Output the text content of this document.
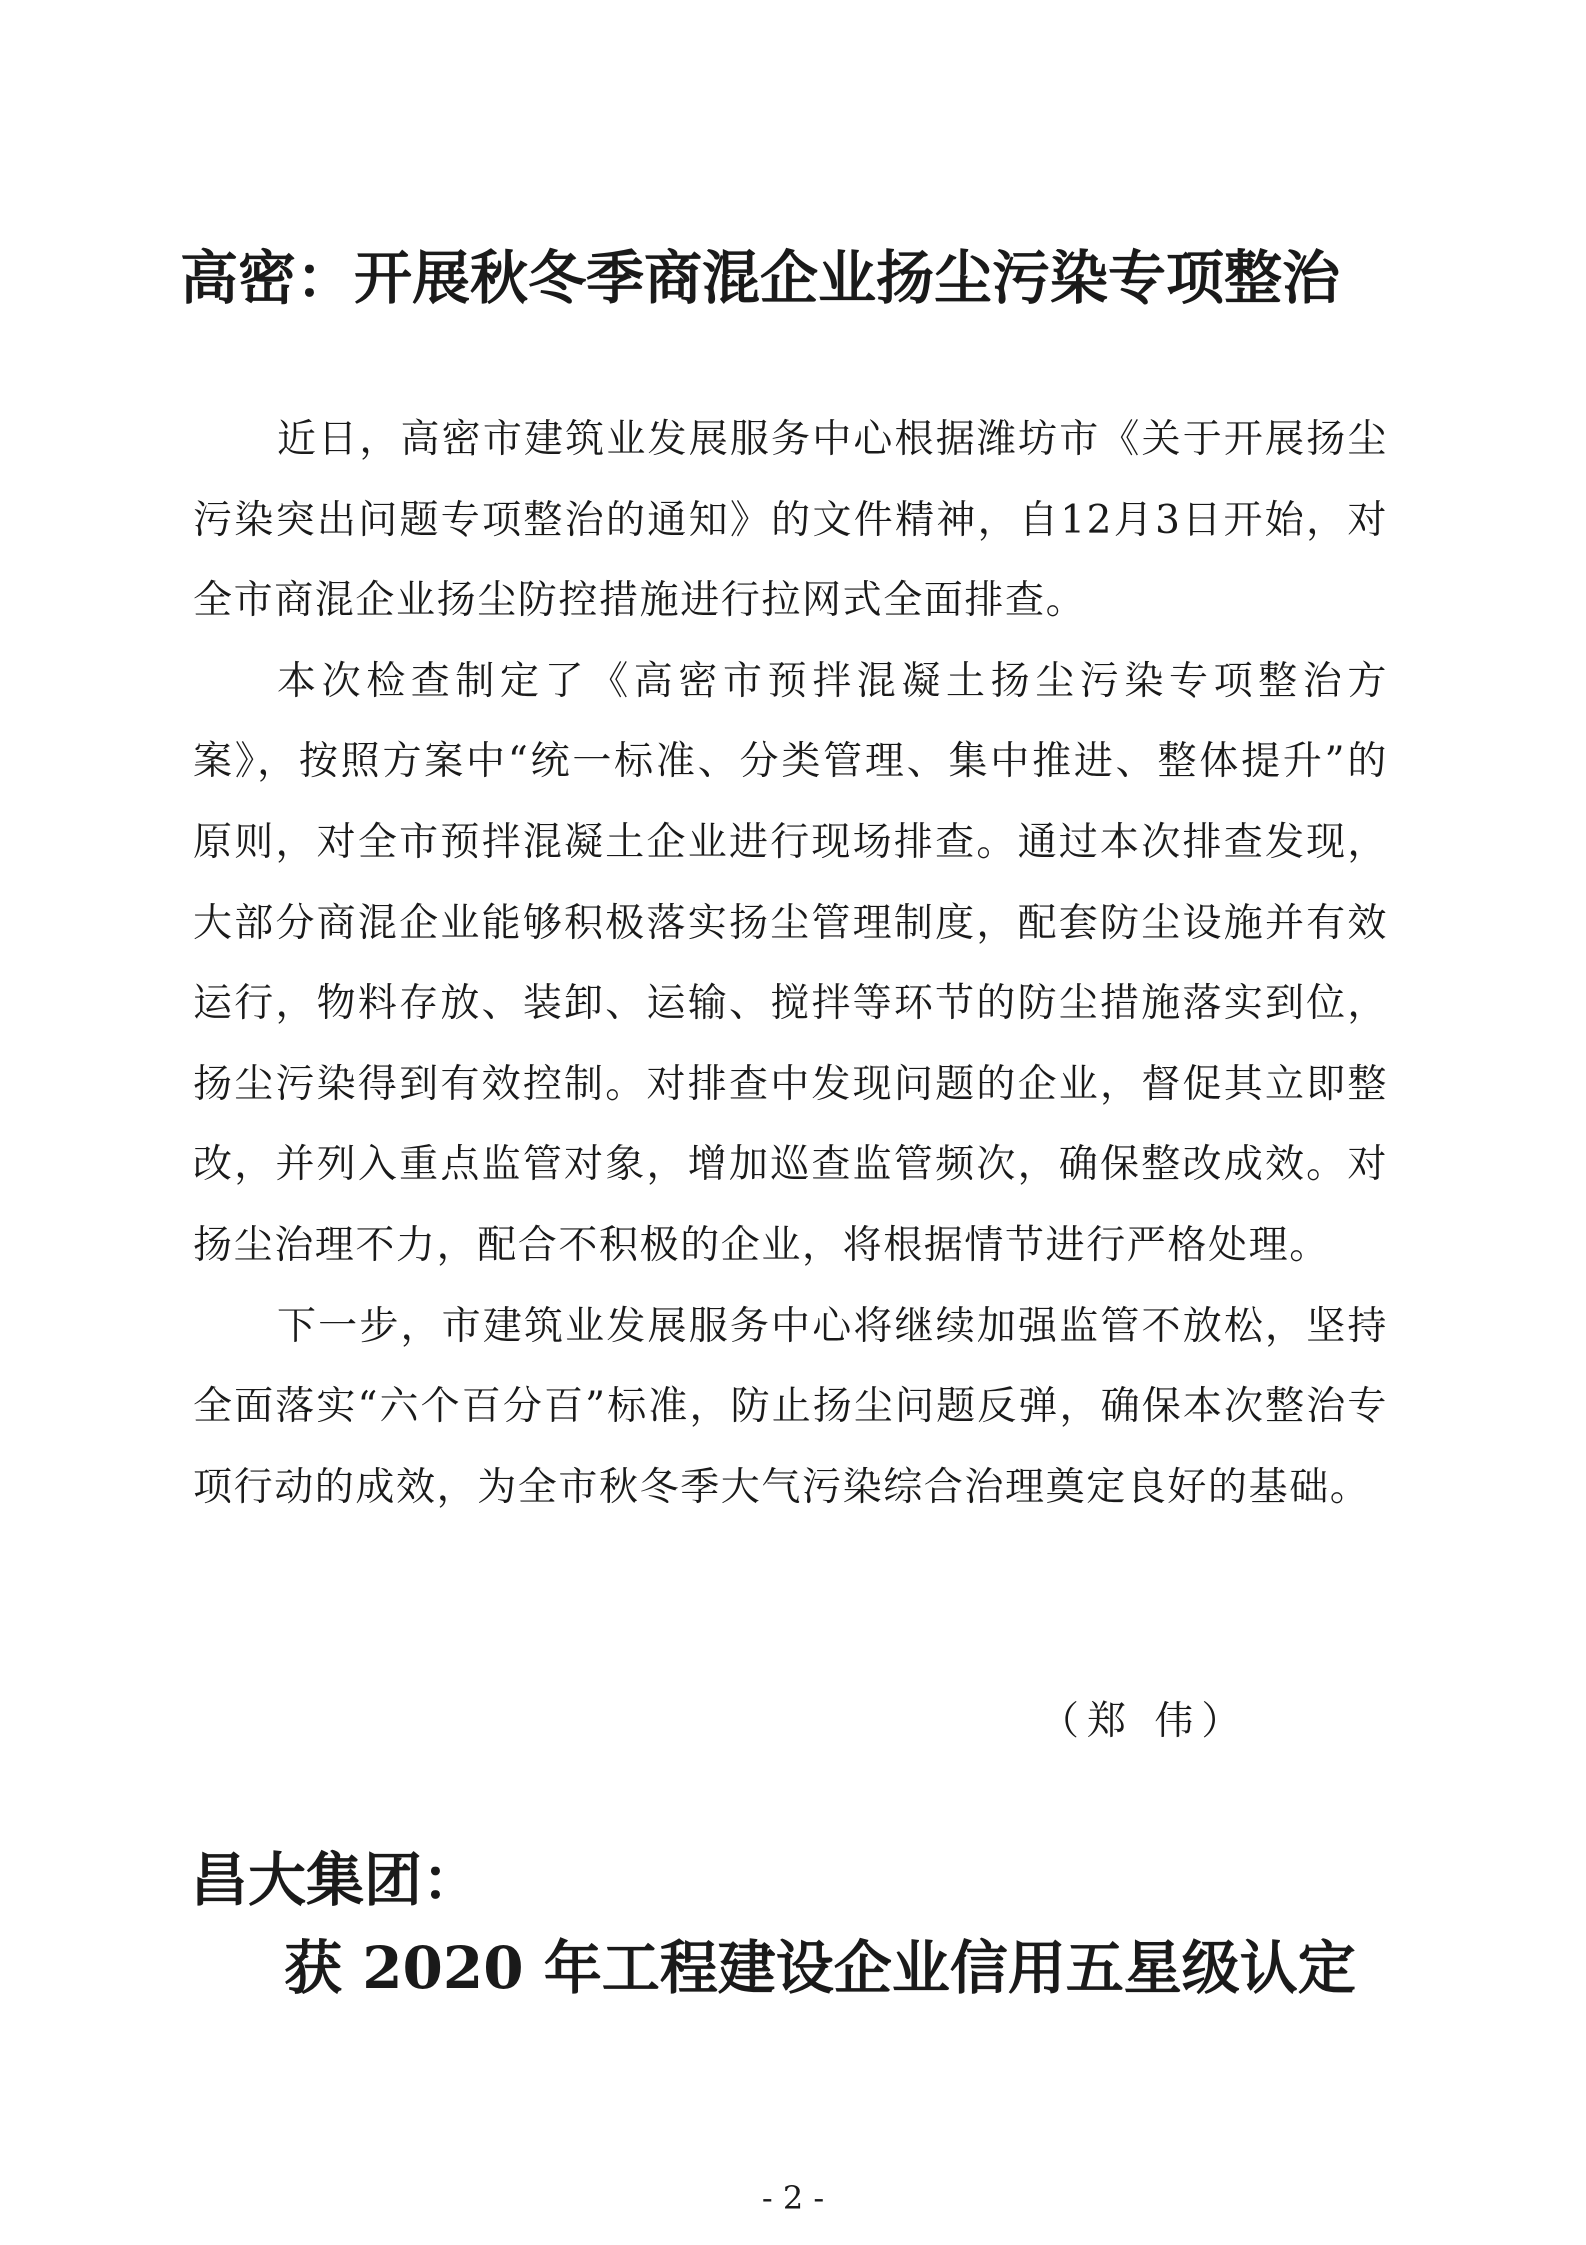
高密：开展秋冬季商混企业扬尘污染专项整治

近日，高密市建筑业发展服务中心根据潍坊市《关于开展扬尘污染突出问题专项整治的通知》的文件精神，自12月3日开始，对全市商混企业扬尘防控措施进行拉网式全面排查。

本次检查制定了《高密市预拌混凝土扬尘污染专项整治方案》，按照方案中“统一标准、分类管理、集中推进、整体提升”的原则，对全市预拌混凝土企业进行现场排查。通过本次排查发现，大部分商混企业能够积极落实扬尘管理制度，配套防尘设施并有效运行，物料存放、装卸、运输、搅拌等环节的防尘措施落实到位，扬尘污染得到有效控制。对排查中发现问题的企业，督促其立即整改，并列入重点监管对象，增加巡查监管频次，确保整改成效。对扬尘治理不力，配合不积极的企业，将根据情节进行严格处理。

下一步，市建筑业发展服务中心将继续加强监管不放松，坚持全面落实“六个百分百”标准，防止扬尘问题反弹，确保本次整治专项行动的成效，为全市秋冬季大气污染综合治理奠定良好的基础。

（郑 伟）

昌大集团：
获 2020 年工程建设企业信用五星级认定

- 2 -
